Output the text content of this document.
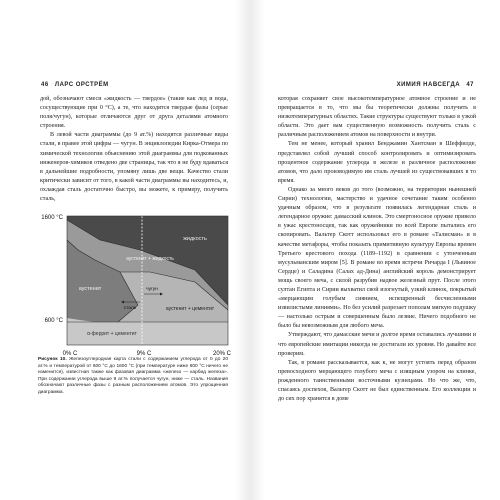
46 ЛАРС ОРСТРЁМ

дой, обозначают смеси «жидкость — твердое» (такие как лед и вода, сосуществующие при 0 °C), а те, что находятся твердые фазы (серые поля/чугун), которые отличаются друг от друга деталями атомного строения.

В левой части диаграммы (до 9 ат.%) находятся различные виды стали, в правее этой цифры — чугун. В энциклопедии Кирка-Отмера по химической технологии объяснению этой диаграммы для подкованных инженеров-химиков отведено две страницы, так что я не буду вдаваться в дальнейшие подробности, упомяну лишь две вещи. Качество стали критически зависит от того, в какой части диаграммы вы находитесь, и, охлаждая сталь достаточно быстро, вы можете, к примеру, получить сталь,

жидкость
аустенит + жидкость
аустенит
аустенит + цементит
α-феррит + цементит
сталь
чугун
1600 °C
600 °C
0% C	9% C	20% C
Рисунок 10. Железоуглеродная карта стали с содержанием углерода от 0 до 20 ат.% и температурой от 600 °C до 1600 °C (при температуре ниже 600 °C ничего не изменится), известная также как фазовая диаграмма «железо — карбид железа». При содержании углерода выше 9 ат.% получается чугун, ниже — сталь. Названия обозначают различные фазы с разным расположением атомов. Это упрощенная диаграмма.
ХИМИЯ НАВСЕГДА 47

которая сохраняет свое высокотемпературное атомное строение и не превращается в то, что мы бы теоретически должны получить в низкотемпературных областях. Такие структуры существуют только в узкой области. Это дает вам существенную возможность получить сталь с различным расположением атомов на поверхности и внутри.

Тем не менее, который хранил Бенджамин Хантсман в Шеффилде, представлял собой лучший способ контролировать и оптимизировать процентное содержание углерода в железе и различное расположение атомов, что дало производимую им сталь лучшей из существовавших в то время.

Однако за много веков до того (возможно, на территории нынешней Сирии) технологии, мастерство и удачное сочетание таким особенно удачным образом, что в результате появилась легендарная сталь и легендарное оружие: дамасский клинок. Это смертоносное оружие привело в ужас крестоносцев, так как оружейники по всей Европе пытались его скопировать. Вальтер Скотт использовал его в романе «Талисман» и в качестве метафоры, чтобы показать примитивную культуру Европы времен Третьего крестового похода (1189–1192) в сравнении с утонченным мусульманским миром [5]. В романе во время встречи Ричарда I (Львиное Сердце) и Саладина (Салах ад-Дина) английский король демонстрирует мощь своего меча, с силой разрубив надвое железный прут. После этого султан Египта и Сирии выхватил свой изогнутый, узкий клинок, покрытый «мерцающим голубым сиянием, испещренный бесчисленными извилистыми линиями». Но без усилий разрезает пополам мягкую подушку — настолько острым и совершенным было лезвие. Ничего подобного не было бы невозможным для любого меча.

Утверждают, что дамасские мечи и долгое время оставались лучшими и что европейские имитации никогда не достигали их уровня. Но давайте все проверим.

Так, в романе рассказывается, как к, не могут устоять перед образом превосходного мерцающего голубого меча с изящным узором на клинке, рожденного таинственными восточными кузнецами. Но что же, что, спасаясь доспехов, Вальтер Скотт не был единственным. Его коллекции и до сих пор хранятся в доме
